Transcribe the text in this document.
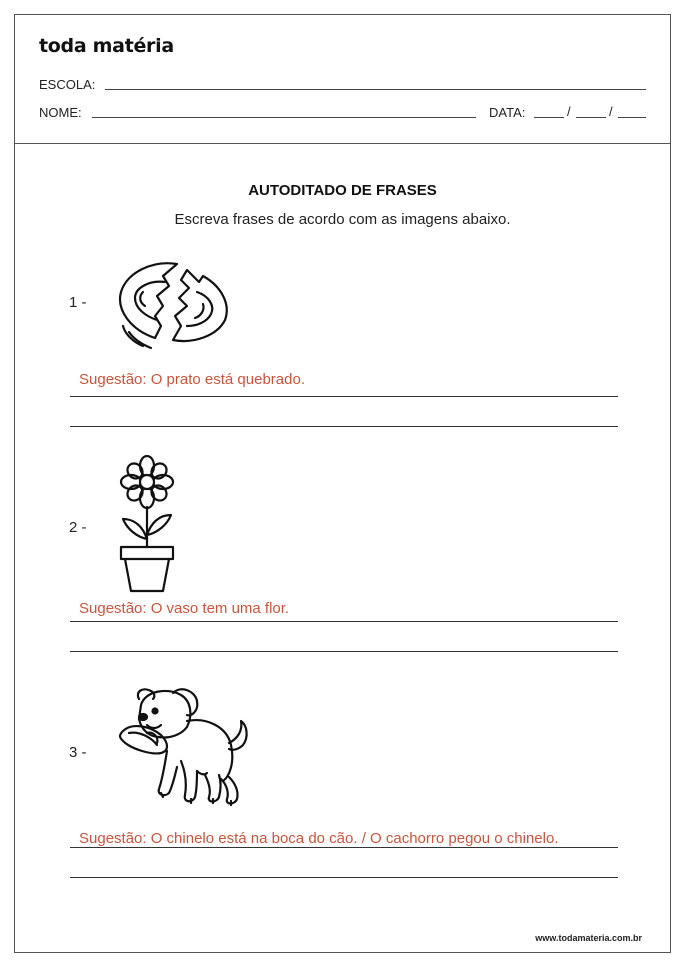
toda matéria
ESCOLA:
NOME:	DATA:	/	/
AUTODITADO DE FRASES
Escreva frases de acordo com as imagens abaixo.
1 -
Sugestão: O prato está quebrado.
2 -
Sugestão: O vaso tem uma flor.
3 -
Sugestão: O chinelo está na boca do cão. / O cachorro pegou o chinelo.
www.todamateria.com.br
